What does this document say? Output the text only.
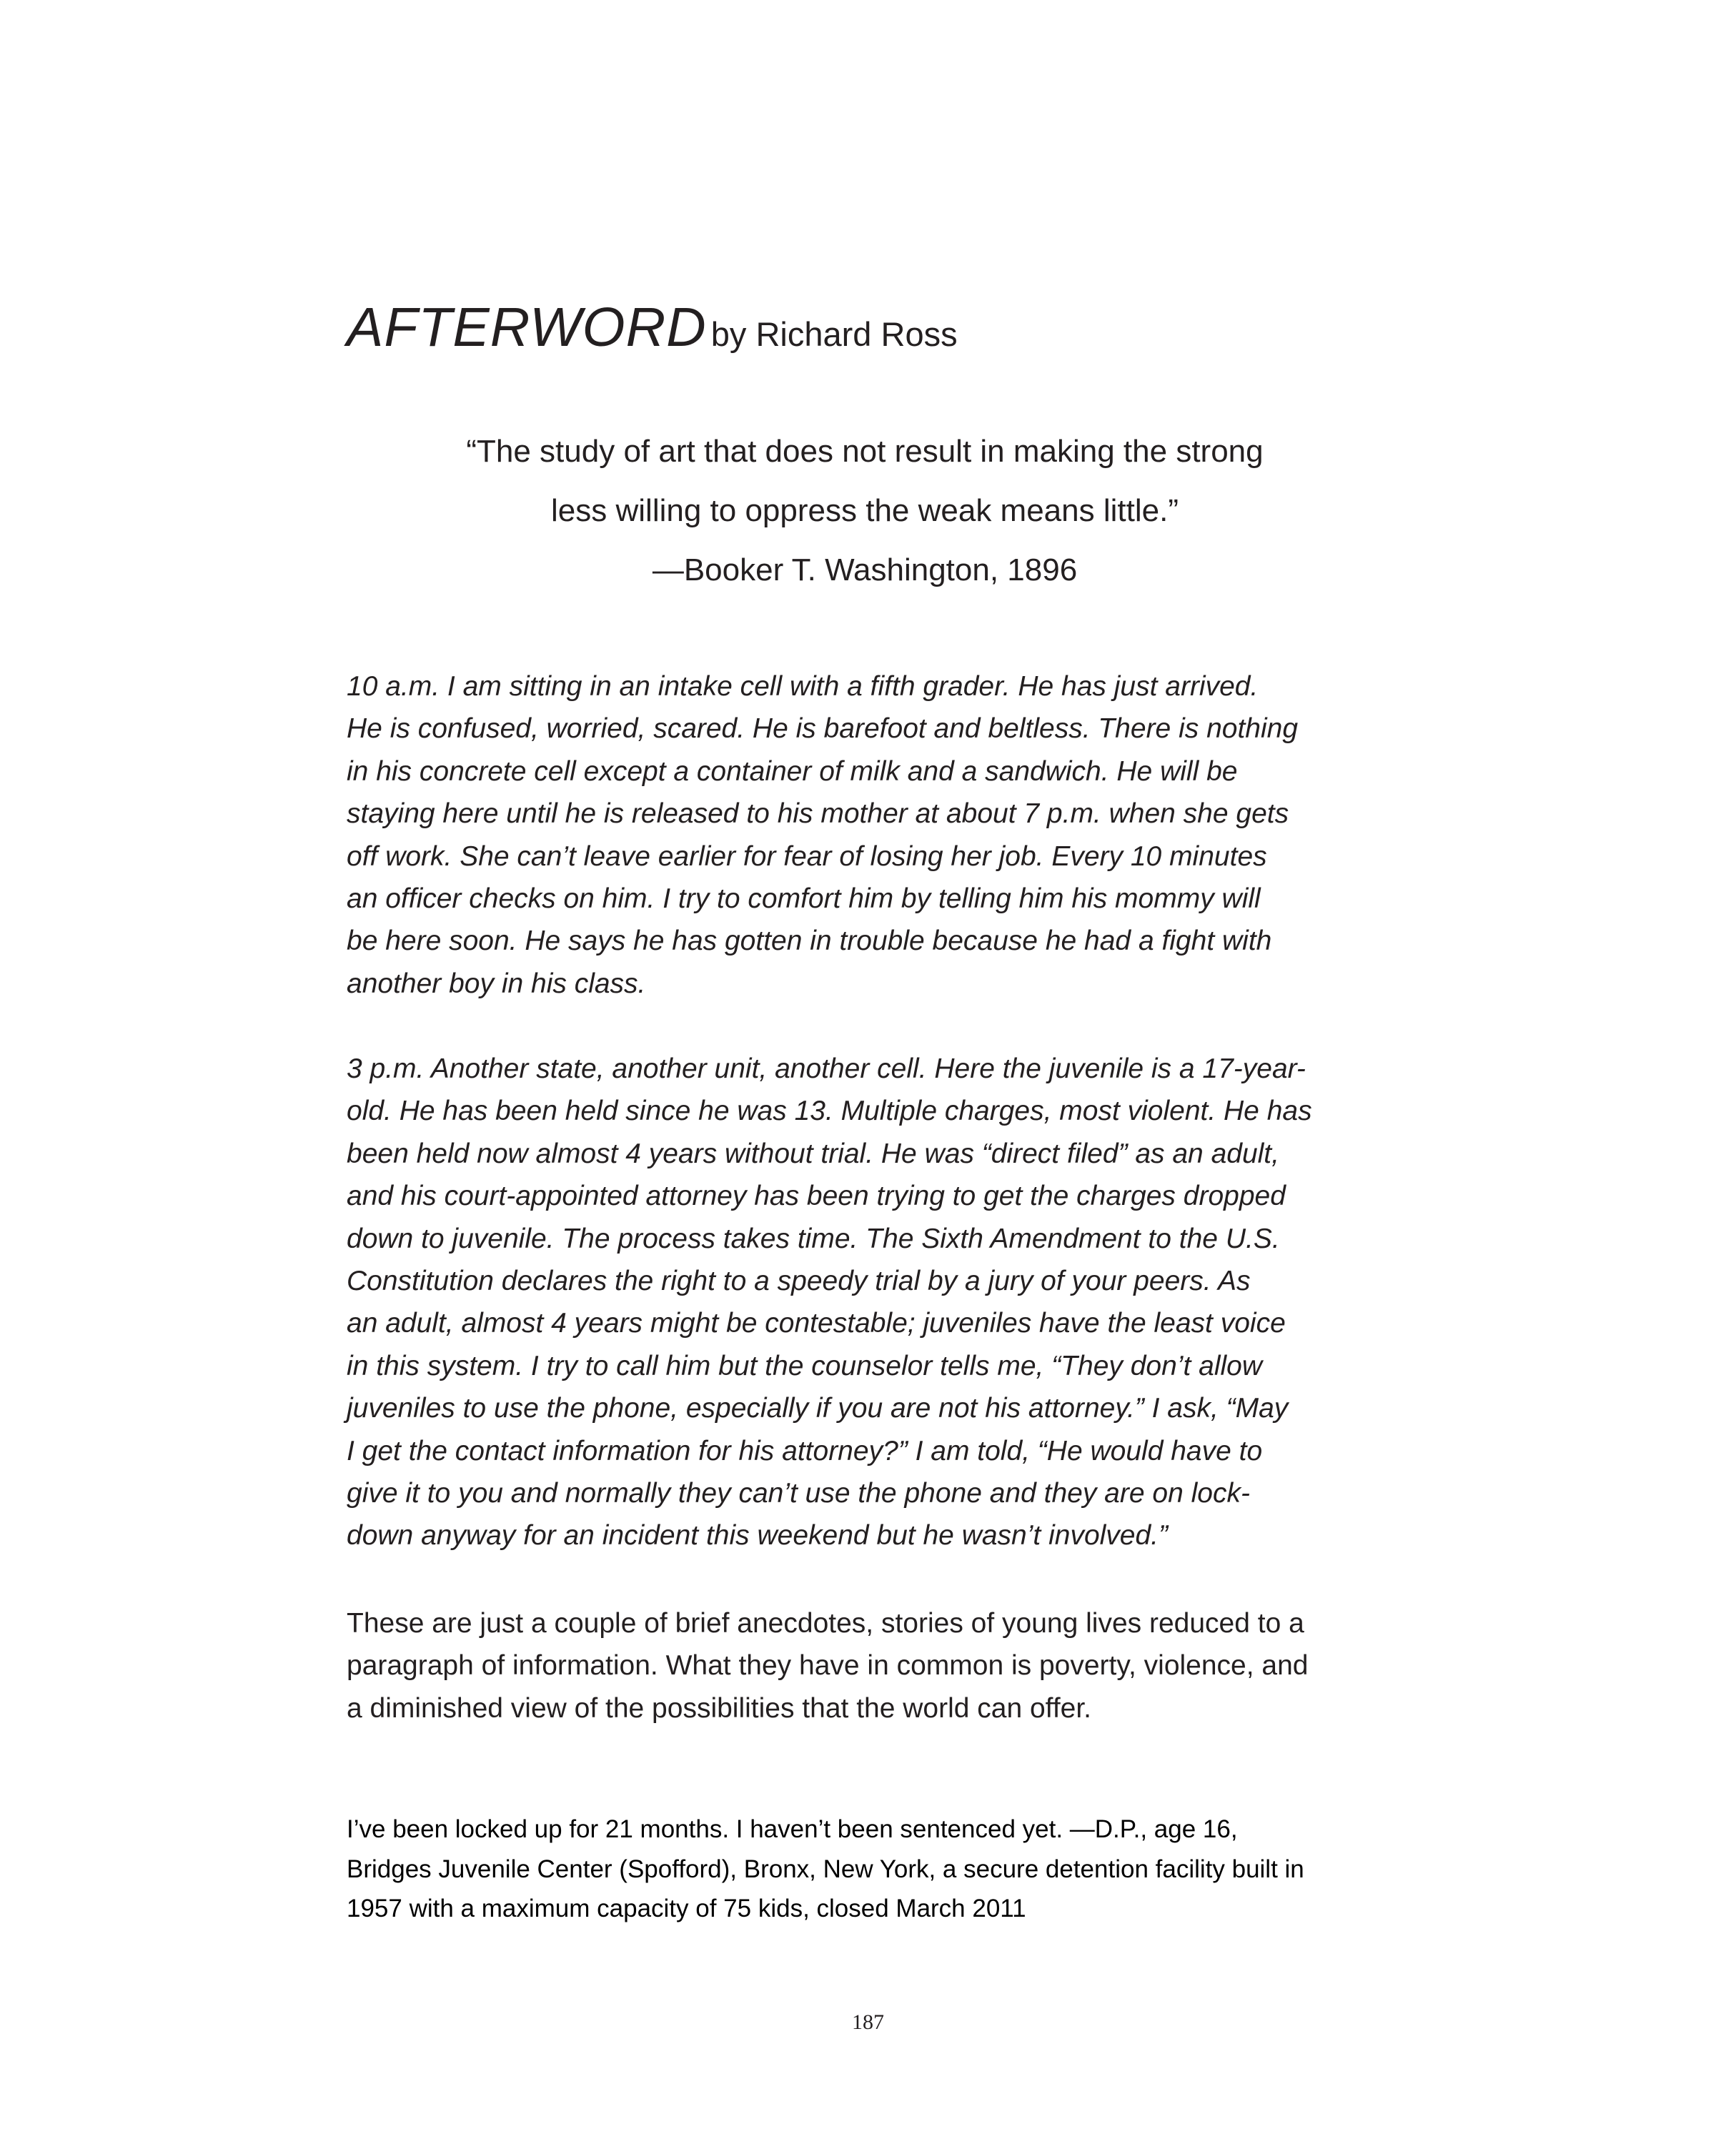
AFTERWORD by Richard Ross

“The study of art that does not result in making the strong

less willing to oppress the weak means little.”

—Booker T. Washington, 1896

10 a.m. I am sitting in an intake cell with a fifth grader. He has just arrived.

He is confused, worried, scared. He is barefoot and beltless. There is nothing

in his concrete cell except a container of milk and a sandwich. He will be

staying here until he is released to his mother at about 7 p.m. when she gets

off work. She can’t leave earlier for fear of losing her job. Every 10 minutes

an officer checks on him. I try to comfort him by telling him his mommy will

be here soon. He says he has gotten in trouble because he had a fight with

another boy in his class.

3 p.m. Another state, another unit, another cell. Here the juvenile is a 17-year-

old. He has been held since he was 13. Multiple charges, most violent. He has

been held now almost 4 years without trial. He was “direct filed” as an adult,

and his court-appointed attorney has been trying to get the charges dropped

down to juvenile. The process takes time. The Sixth Amendment to the U.S.

Constitution declares the right to a speedy trial by a jury of your peers. As

an adult, almost 4 years might be contestable; juveniles have the least voice

in this system. I try to call him but the counselor tells me, “They don’t allow

juveniles to use the phone, especially if you are not his attorney.” I ask, “May

I get the contact information for his attorney?” I am told, “He would have to

give it to you and normally they can’t use the phone and they are on lock-

down anyway for an incident this weekend but he wasn’t involved.”

These are just a couple of brief anecdotes, stories of young lives reduced to a

paragraph of information. What they have in common is poverty, violence, and

a diminished view of the possibilities that the world can offer.

I’ve been locked up for 21 months. I haven’t been sentenced yet. —D.P., age 16,

Bridges Juvenile Center (Spofford), Bronx, New York, a secure detention facility built in

1957 with a maximum capacity of 75 kids, closed March 2011

187
